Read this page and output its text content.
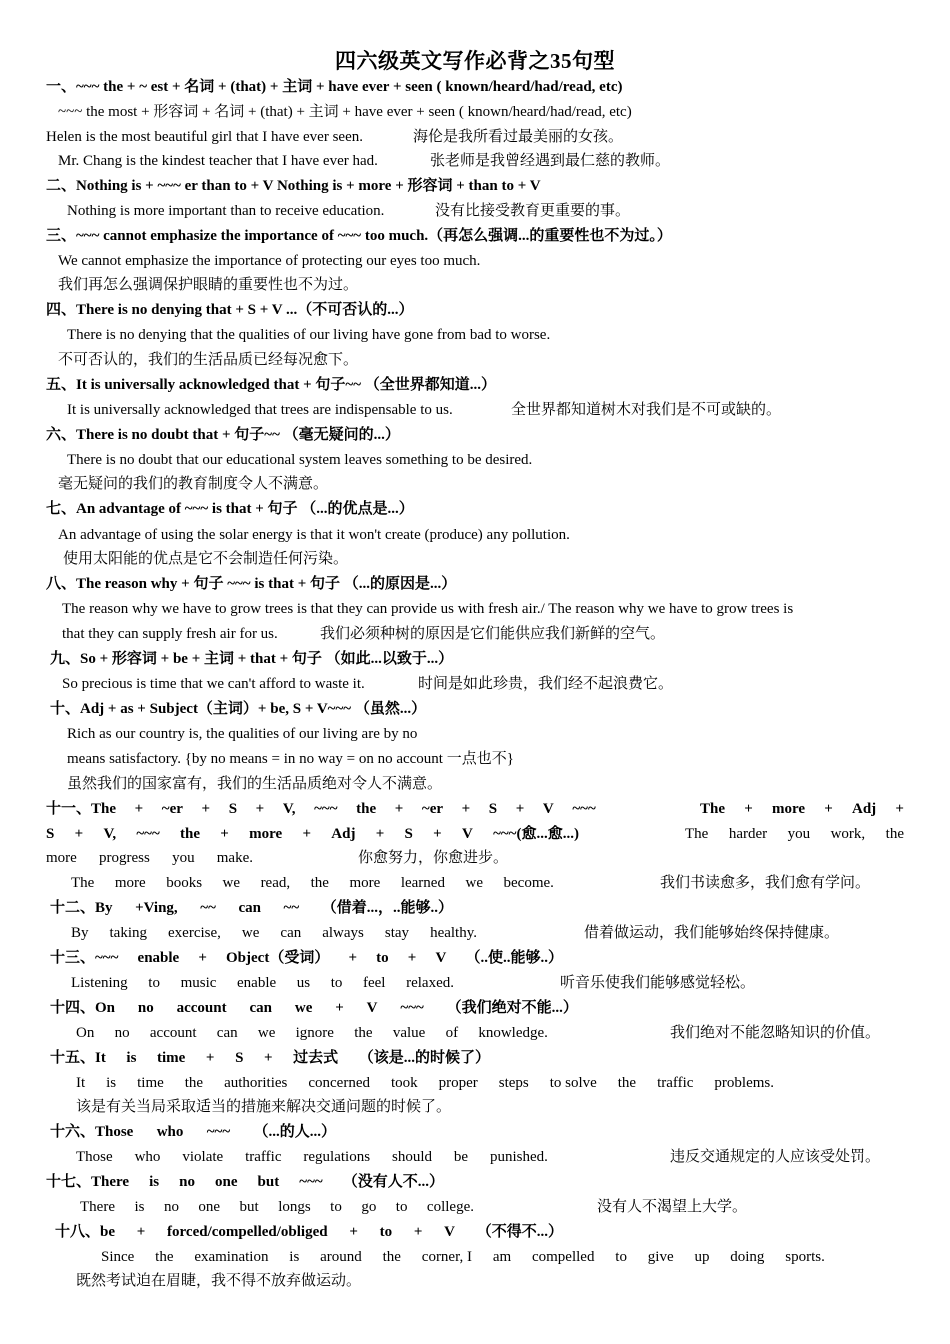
四六级英文写作必背之35句型
一、~~~ the + ~ est + 名词 + (that) + 主词 + have ever + seen ( known/heard/had/read, etc)
~~~ the most + 形容词 + 名词 + (that) + 主词 + have ever + seen ( known/heard/had/read, etc)
Helen is the most beautiful girl that I have ever seen.	海伦是我所看过最美丽的女孩。
Mr. Chang is the kindest teacher that I have ever had.	张老师是我曾经遇到最仁慈的教师。
二、Nothing is + ~~~ er than to + V Nothing is + more + 形容词 + than to + V
Nothing is more important than to receive education.	没有比接受教育更重要的事。
三、~~~ cannot emphasize the importance of ~~~ too much.（再怎么强调...的重要性也不为过。）
We cannot emphasize the importance of protecting our eyes too much.
我们再怎么强调保护眼睛的重要性也不为过。
四、There is no denying that + S + V ...（不可否认的...）
There is no denying that the qualities of our living have gone from bad to worse.
不可否认的，我们的生活品质已经每况愈下。
五、It is universally acknowledged that + 句子~~ （全世界都知道...）
It is universally acknowledged that trees are indispensable to us.	全世界都知道树木对我们是不可或缺的。
六、There is no doubt that + 句子~~ （毫无疑问的...）
There is no doubt that our educational system leaves something to be desired.
毫无疑问的我们的教育制度令人不满意。
七、An advantage of ~~~ is that + 句子 （...的优点是...）
An advantage of using the solar energy is that it won't create (produce) any pollution.
使用太阳能的优点是它不会制造任何污染。
八、The reason why + 句子 ~~~ is that + 句子 （...的原因是...）
The reason why we have to grow trees is that they can provide us with fresh air./ The reason why we have to grow trees is
that they can supply fresh air for us.	我们必须种树的原因是它们能供应我们新鲜的空气。
九、So + 形容词 + be + 主词 + that + 句子 （如此...以致于...）
So precious is time that we can't afford to waste it.	时间是如此珍贵，我们经不起浪费它。
十、Adj + as + Subject（主词）+ be, S + V~~~ （虽然...）
Rich as our country is, the qualities of our living are by no
means satisfactory. {by no means = in no way = on no account 一点也不}
虽然我们的国家富有，我们的生活品质绝对令人不满意。
十一、The + ~er + S + V, ~~~ the + ~er + S + V ~~~	The + more + Adj +
S + V, ~~~ the + more + Adj + S + V ~~~(愈...愈...)	The harder you work, the
more progress you make.	你愈努力，你愈进步。
The more books we read, the more learned we become.	我们书读愈多，我们愈有学问。
十二、By +Ving, ~~ can ~~ （借着...，..能够..）
By taking exercise, we can always stay healthy.	借着做运动，我们能够始终保持健康。
十三、~~~ enable + Object（受词） + to + V （..使..能够..）
Listening to music enable us to feel relaxed.	听音乐使我们能够感觉轻松。
十四、On no account can we + V ~~~ （我们绝对不能...）
On no account can we ignore the value of knowledge.	我们绝对不能忽略知识的价值。
十五、It is time + S + 过去式 （该是...的时候了）
It is time the authorities concerned took proper steps to solve the traffic problems.
该是有关当局采取适当的措施来解决交通问题的时候了。
十六、Those who ~~~ （...的人...）
Those who violate traffic regulations should be punished.	违反交通规定的人应该受处罚。
十七、There is no one but ~~~ （没有人不...）
There is no one but longs to go to college.	没有人不渴望上大学。
十八、be + forced/compelled/obliged + to + V （不得不...）
Since the examination is around the corner, I am compelled to give up doing sports.
既然考试迫在眉睫，我不得不放弃做运动。
